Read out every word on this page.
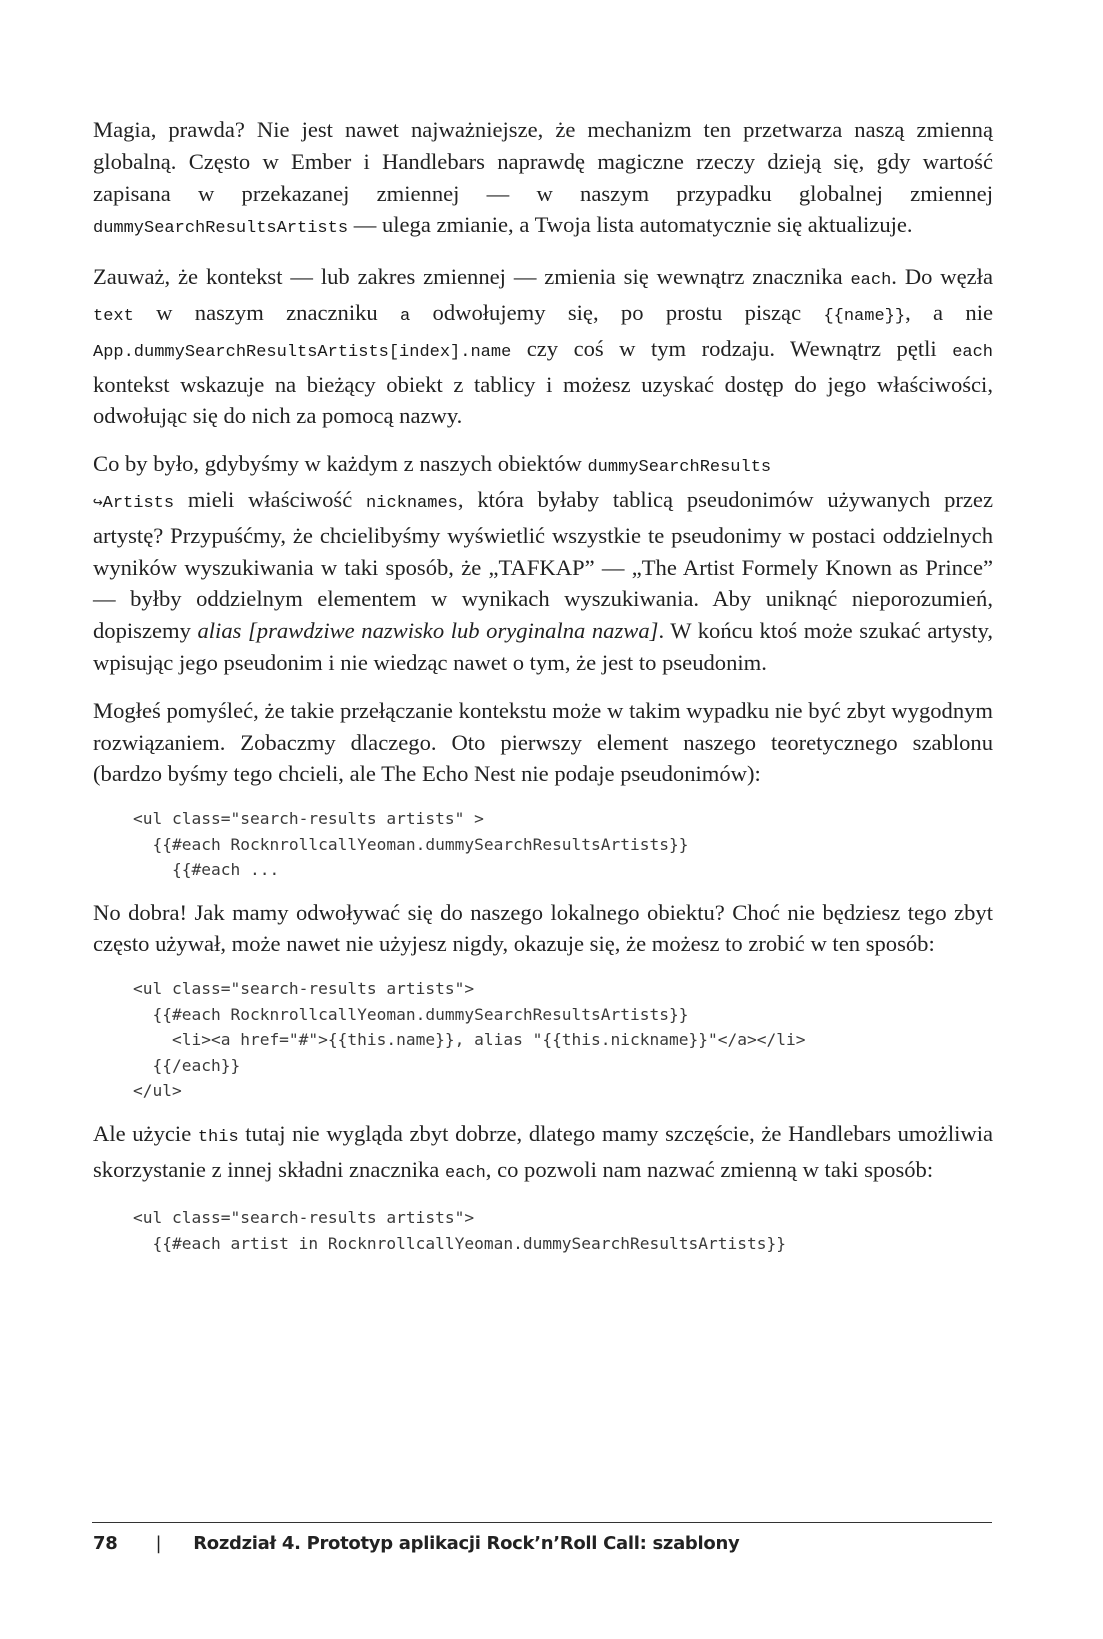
Magia, prawda? Nie jest nawet najważniejsze, że mechanizm ten przetwarza naszą zmienną globalną. Często w Ember i Handlebars naprawdę magiczne rzeczy dzieją się, gdy wartość zapisana w przekazanej zmiennej — w naszym przypadku globalnej zmiennej dummySearchResultsArtists — ulega zmianie, a Twoja lista automatycznie się aktualizuje.

Zauważ, że kontekst — lub zakres zmiennej — zmienia się wewnątrz znacznika each. Do węzła text w naszym znaczniku a odwołujemy się, po prostu pisząc {{name}}, a nie App.dummySearchResultsArtists[index].name czy coś w tym rodzaju. Wewnątrz pętli each kontekst wskazuje na bieżący obiekt z tablicy i możesz uzyskać dostęp do jego właściwości, odwołując się do nich za pomocą nazwy.

Co by było, gdybyśmy w każdym z naszych obiektów dummySearchResults
↪Artists mieli właściwość nicknames, która byłaby tablicą pseudonimów używanych przez artystę? Przypuśćmy, że chcielibyśmy wyświetlić wszystkie te pseudonimy w postaci oddzielnych wyników wyszukiwania w taki sposób, że „TAFKAP” — „The Artist Formely Known as Prince” — byłby oddzielnym elementem w wynikach wyszukiwania. Aby uniknąć nieporozumień, dopiszemy alias [prawdziwe nazwisko lub oryginalna nazwa]. W końcu ktoś może szukać artysty, wpisując jego pseudonim i nie wiedząc nawet o tym, że jest to pseudonim.

Mogłeś pomyśleć, że takie przełączanie kontekstu może w takim wypadku nie być zbyt wygodnym rozwiązaniem. Zobaczmy dlaczego. Oto pierwszy element naszego teoretycznego szablonu (bardzo byśmy tego chcieli, ale The Echo Nest nie podaje pseudonimów):

<ul class="search-results artists" >
{{#each RocknrollcallYeoman.dummySearchResultsArtists}}
{{#each ...

No dobra! Jak mamy odwoływać się do naszego lokalnego obiektu? Choć nie będziesz tego zbyt często używał, może nawet nie użyjesz nigdy, okazuje się, że możesz to zrobić w ten sposób:

<ul class="search-results artists">
{{#each RocknrollcallYeoman.dummySearchResultsArtists}}
<li><a href="#">{{this.name}}, alias "{{this.nickname}}"</a></li>
{{/each}}
</ul>

Ale użycie this tutaj nie wygląda zbyt dobrze, dlatego mamy szczęście, że Handlebars umożliwia skorzystanie z innej składni znacznika each, co pozwoli nam nazwać zmienną w taki sposób:

<ul class="search-results artists">
{{#each artist in RocknrollcallYeoman.dummySearchResultsArtists}}
78 | Rozdział 4. Prototyp aplikacji Rock’n’Roll Call: szablony
